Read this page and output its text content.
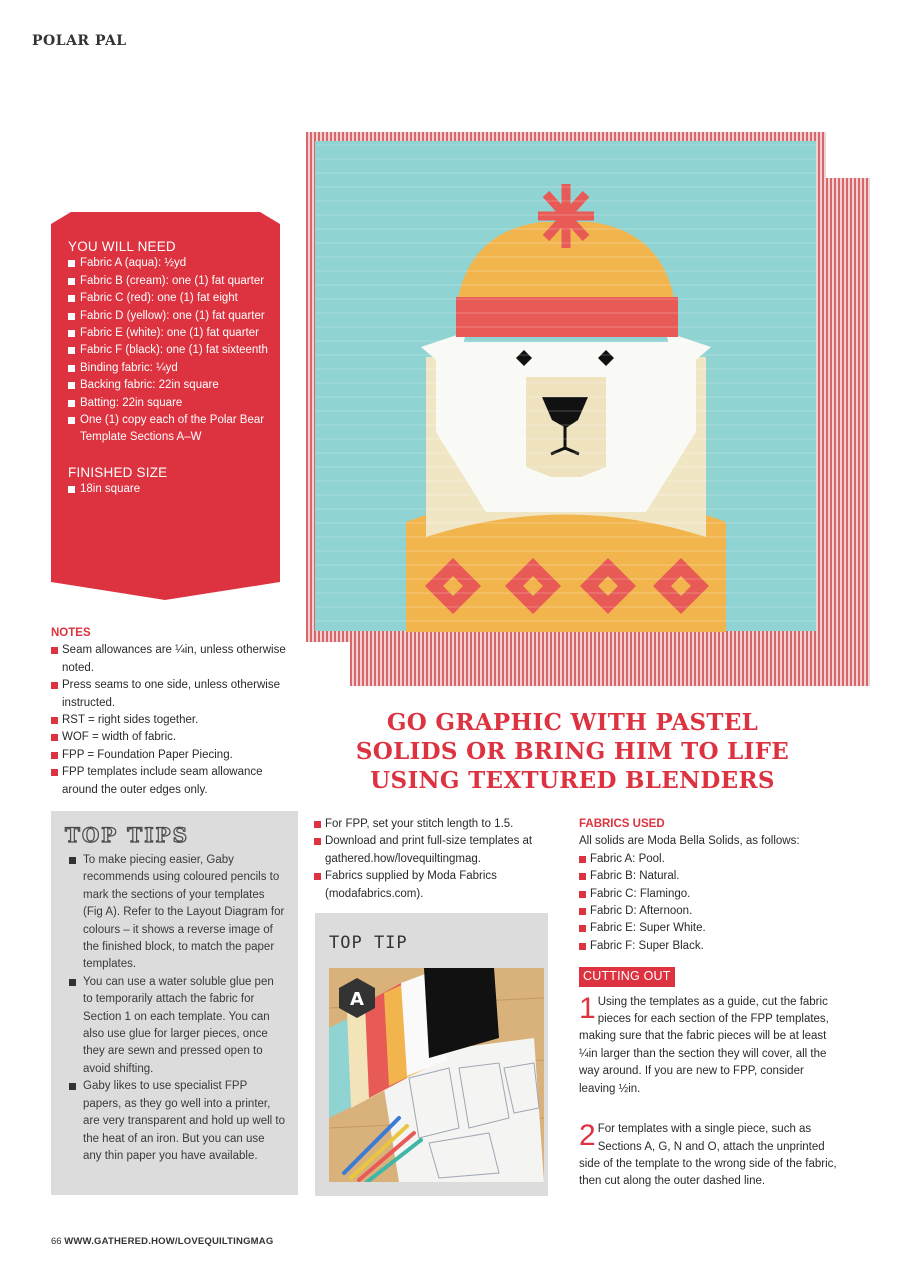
POLAR PAL
YOU WILL NEED
Fabric A (aqua): ½yd
Fabric B (cream): one (1) fat quarter
Fabric C (red): one (1) fat eight
Fabric D (yellow): one (1) fat quarter
Fabric E (white): one (1) fat quarter
Fabric F (black): one (1) fat sixteenth
Binding fabric: ¼yd
Backing fabric: 22in square
Batting: 22in square
One (1) copy each of the Polar Bear Template Sections A–W
FINISHED SIZE
18in square
NOTES
Seam allowances are ¼in, unless otherwise noted.
Press seams to one side, unless otherwise instructed.
RST = right sides together.
WOF = width of fabric.
FPP = Foundation Paper Piecing.
FPP templates include seam allowance around the outer edges only.
GO GRAPHIC WITH PASTEL
SOLIDS OR BRING HIM TO LIFE
USING TEXTURED BLENDERS
TOP TIPS
To make piecing easier, Gaby recommends using coloured pencils to mark the sections of your templates (Fig A). Refer to the Layout Diagram for colours – it shows a reverse image of the finished block, to match the paper templates.
You can use a water soluble glue pen to temporarily attach the fabric for Section 1 on each template. You can also use glue for larger pieces, once they are sewn and pressed open to avoid shifting.
Gaby likes to use specialist FPP papers, as they go well into a printer, are very transparent and hold up well to the heat of an iron. But you can use any thin paper you have available.
For FPP, set your stitch length to 1.5.
Download and print full-size templates at gathered.how/lovequiltingmag.
Fabrics supplied by Moda Fabrics (modafabrics.com).
TOP TIP
A
FABRICS USED
All solids are Moda Bella Solids, as follows:
Fabric A: Pool.
Fabric B: Natural.
Fabric C: Flamingo.
Fabric D: Afternoon.
Fabric E: Super White.
Fabric F: Super Black.
CUTTING OUT
1 Using the templates as a guide, cut the fabric pieces for each section of the FPP templates, making sure that the fabric pieces will be at least ¼in larger than the section they will cover, all the way around. If you are new to FPP, consider leaving ½in.
2 For templates with a single piece, such as Sections A, G, N and O, attach the unprinted side of the template to the wrong side of the fabric, then cut along the outer dashed line.
66 WWW.GATHERED.HOW/LOVEQUILTINGMAG
